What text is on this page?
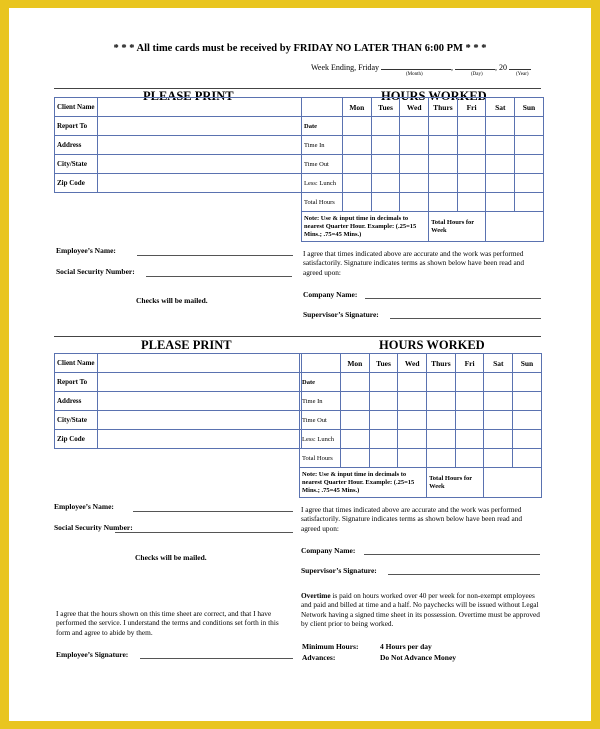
* * * All time cards must be received by FRIDAY NO LATER THAN 6:00 PM * * *
Week Ending, Friday	,	, 20
(Month)	(Day)	(Year)
PLEASE PRINT	HOURS WORKED
Client Name	
Report To	
Address	
City/State	
Zip Code	
	Mon	Tues	Wed	Thurs	Fri	Sat	Sun
Date							
Time In							
Time Out							
Less: Lunch							
Total Hours							
Note: Use & input time in decimals to nearest Quarter Hour. Example: (.25=15 Mins.; .75=45 Mins.)				Total Hours for Week			
Employee’s Name:
Social Security Number:
Checks will be mailed.
I agree that times indicated above are accurate and the work was performed satisfactorily. Signature indicates terms as shown below have been read and agreed upon:
Company Name:
Supervisor’s Signature:
PLEASE PRINT	HOURS WORKED
Client Name	
Report To	
Address	
City/State	
Zip Code	
	Mon	Tues	Wed	Thurs	Fri	Sat	Sun
Date							
Time In							
Time Out							
Less: Lunch							
Total Hours							
Note: Use & input time in decimals to nearest Quarter Hour. Example: (.25=15 Mins.; .75=45 Mins.)				Total Hours for Week			
Employee’s Name:
Social Security Number:
Checks will be mailed.
I agree that times indicated above are accurate and the work was performed satisfactorily. Signature indicates terms as shown below have been read and agreed upon:
Company Name:
Supervisor’s Signature:
I agree that the hours shown on this time sheet are correct, and that I have performed the service. I understand the terms and conditions set forth in this form and agree to abide by them.
Employee’s Signature:
Overtime is paid on hours worked over 40 per week for non-exempt employees and paid and billed at time and a half. No paychecks will be issued without Legal Network having a signed time sheet in its possession. Overtime must be approved by client prior to being worked.
Minimum Hours:	4 Hours per day
Advances:	Do Not Advance Money
